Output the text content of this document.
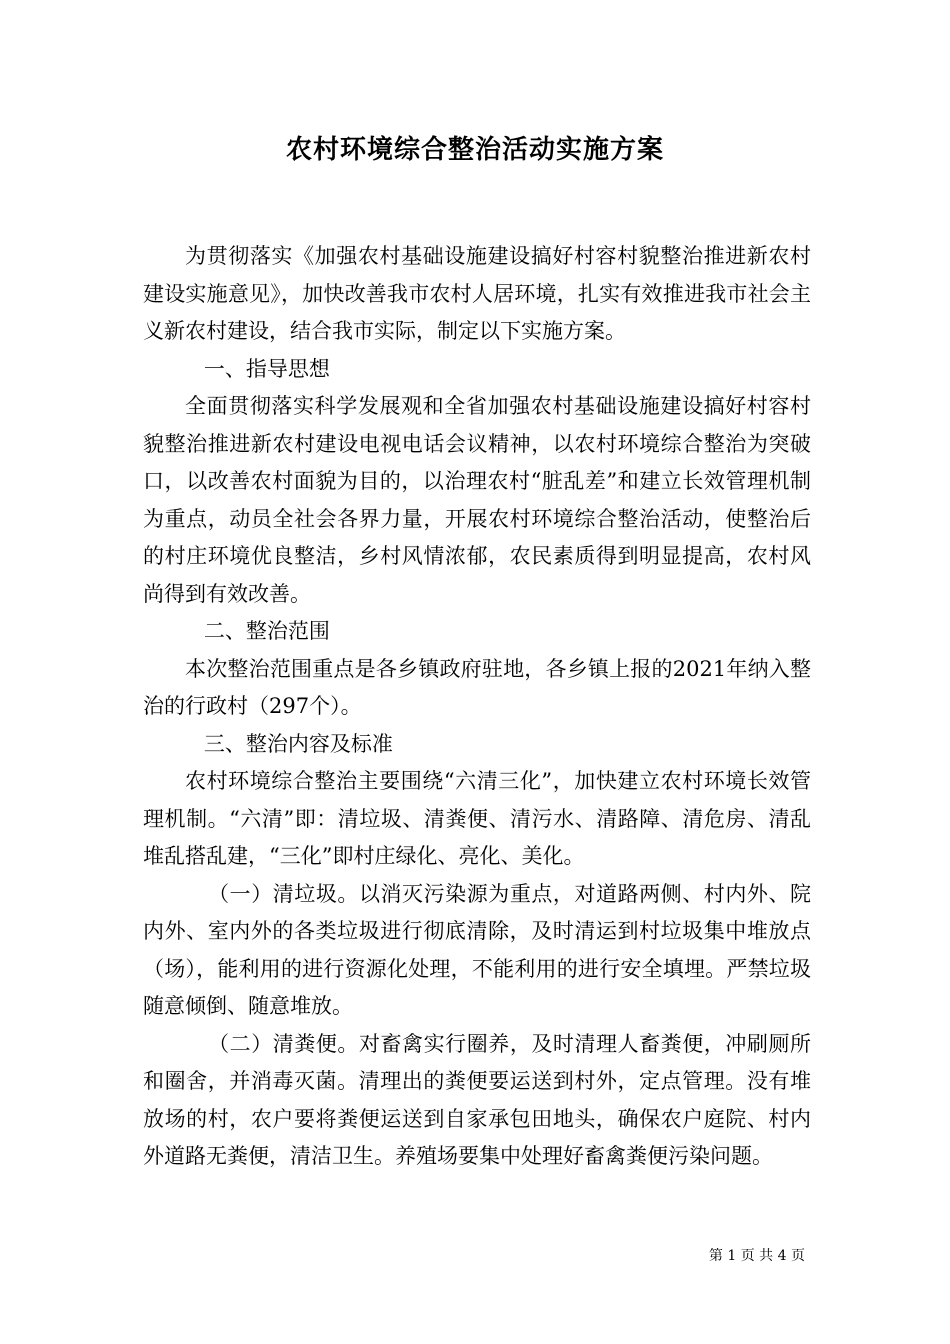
农村环境综合整治活动实施方案

为贯彻落实《加强农村基础设施建设搞好村容村貌整治推进新农村建设实施意见》，加快改善我市农村人居环境，扎实有效推进我市社会主义新农村建设，结合我市实际，制定以下实施方案。

一、指导思想

全面贯彻落实科学发展观和全省加强农村基础设施建设搞好村容村貌整治推进新农村建设电视电话会议精神，以农村环境综合整治为突破口，以改善农村面貌为目的，以治理农村“脏乱差”和建立长效管理机制为重点，动员全社会各界力量，开展农村环境综合整治活动，使整治后的村庄环境优良整洁，乡村风情浓郁，农民素质得到明显提高，农村风尚得到有效改善。

二、整治范围

本次整治范围重点是各乡镇政府驻地，各乡镇上报的2021年纳入整治的行政村（297个）。

三、整治内容及标准

农村环境综合整治主要围绕“六清三化”，加快建立农村环境长效管理机制。“六清”即：清垃圾、清粪便、清污水、清路障、清危房、清乱堆乱搭乱建，“三化”即村庄绿化、亮化、美化。

（一）清垃圾。以消灭污染源为重点，对道路两侧、村内外、院内外、室内外的各类垃圾进行彻底清除，及时清运到村垃圾集中堆放点（场），能利用的进行资源化处理，不能利用的进行安全填埋。严禁垃圾随意倾倒、随意堆放。

（二）清粪便。对畜禽实行圈养，及时清理人畜粪便，冲刷厕所和圈舍，并消毒灭菌。清理出的粪便要运送到村外，定点管理。没有堆放场的村，农户要将粪便运送到自家承包田地头，确保农户庭院、村内外道路无粪便，清洁卫生。养殖场要集中处理好畜禽粪便污染问题。

第 1 页 共 4 页
